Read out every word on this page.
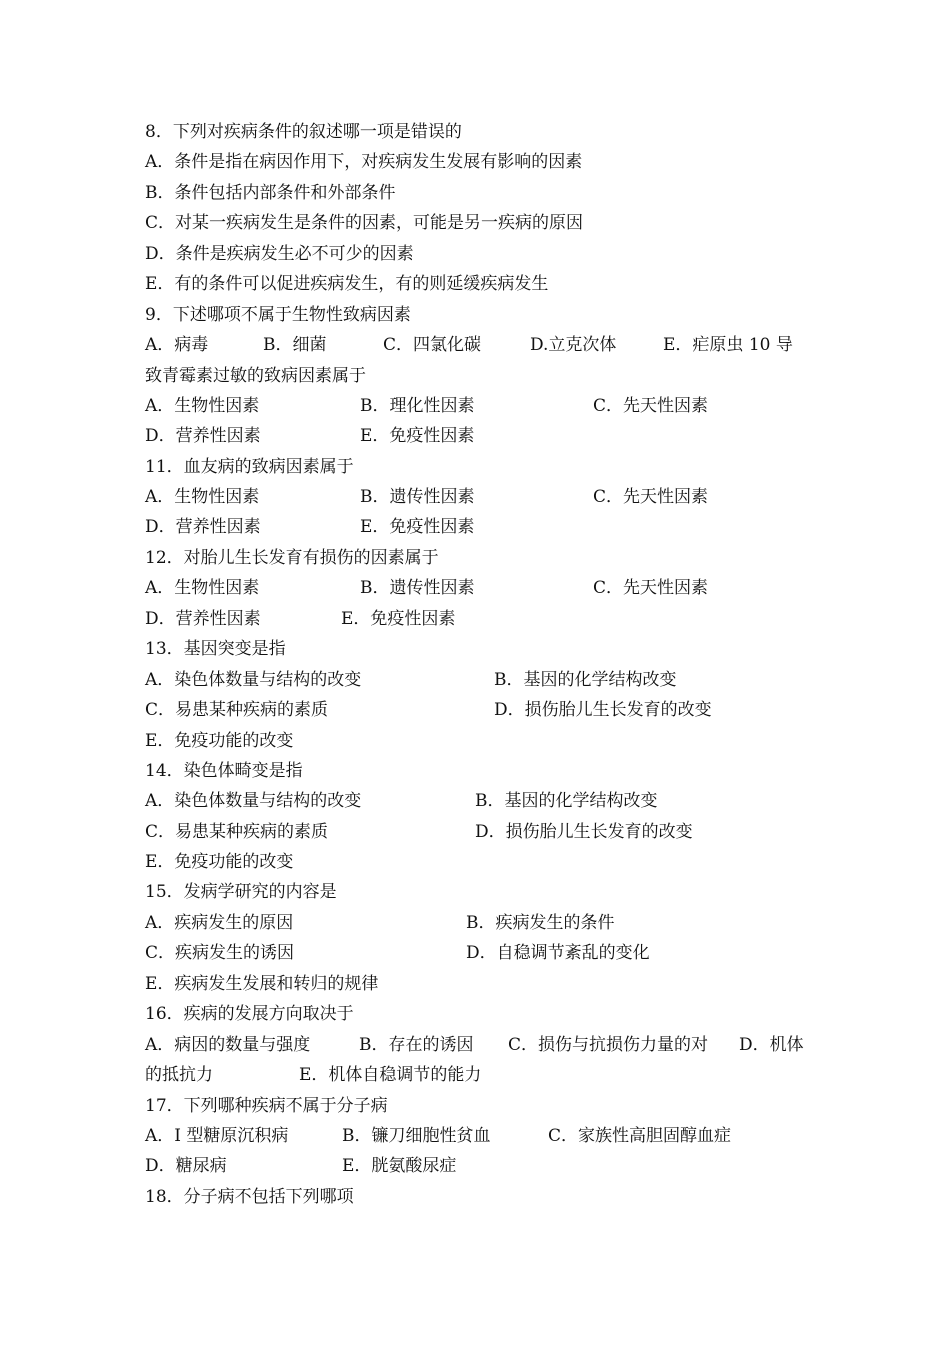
8．下列对疾病条件的叙述哪一项是错误的
A．条件是指在病因作用下，对疾病发生发展有影响的因素
B．条件包括内部条件和外部条件
C．对某一疾病发生是条件的因素，可能是另一疾病的原因
D．条件是疾病发生必不可少的因素
E．有的条件可以促进疾病发生，有的则延缓疾病发生
9．下述哪项不属于生物性致病因素
A．病毒	B．细菌	C．四氯化碳	D.立克次体	E．疟原虫 10 导
致青霉素过敏的致病因素属于
A．生物性因素	B．理化性因素	C．先天性因素
D．营养性因素	E．免疫性因素
11．血友病的致病因素属于
A．生物性因素	B．遗传性因素	C．先天性因素
D．营养性因素	E．免疫性因素
12．对胎儿生长发育有损伤的因素属于
A．生物性因素	B．遗传性因素	C．先天性因素
D．营养性因素	E．免疫性因素
13．基因突变是指
A．染色体数量与结构的改变	B．基因的化学结构改变
C．易患某种疾病的素质	D．损伤胎儿生长发育的改变
E．免疫功能的改变
14．染色体畸变是指
A．染色体数量与结构的改变	B．基因的化学结构改变
C．易患某种疾病的素质	D．损伤胎儿生长发育的改变
E．免疫功能的改变
15．发病学研究的内容是
A．疾病发生的原因	B．疾病发生的条件
C．疾病发生的诱因	D．自稳调节紊乱的变化
E．疾病发生发展和转归的规律
16．疾病的发展方向取决于
A．病因的数量与强度	B．存在的诱因 C．损伤与抗损伤力量的对 D．机体
的抵抗力	E．机体自稳调节的能力
17．下列哪种疾病不属于分子病
A．I 型糖原沉积病	B．镰刀细胞性贫血	C．家族性高胆固醇血症
D．糖尿病	E．胱氨酸尿症
18．分子病不包括下列哪项
